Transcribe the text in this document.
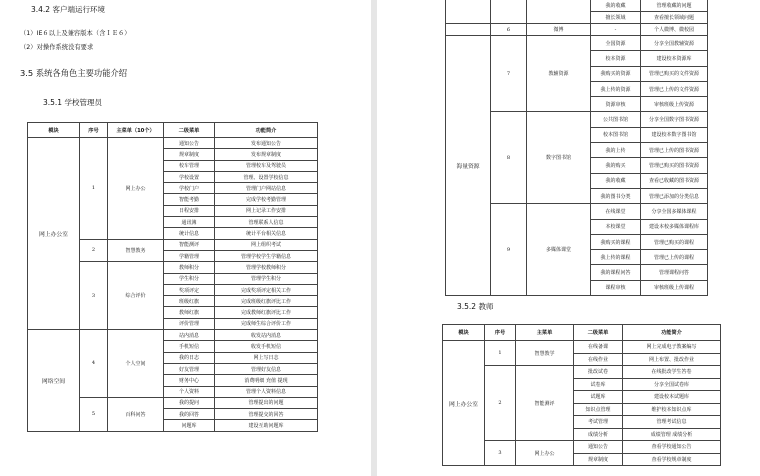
3.4.2 客户端运行环境
（1）IE６以上及兼容版本（含ＩＥ６）
（2）对操作系统没有要求
3.5 系统各角色主要功能介绍
3.5.1 学校管理员
模块	序号	主菜单（10个）	二级菜单	功能简介
网上办公室	1	网上办公	通知公告	发布通知公告
			规章制度	发布规章制度
			校车管理	管理校车及驾驶员
			学校设置	管理、设置学校信息
			学校门户	管理门户网站信息
			智能考勤	完成学校考勤管理
			日程安排	网上记录工作安排
			通讯簿	管理联系人信息
			统计信息	统计平台相关信息
	2	智慧教务	智能测评	网上组织考试
			学籍管理	管理学校学生学籍信息
	3	综合评价	教师积分	管理学校教师积分
			学生积分	管理学生积分
			奖项评定	完成奖项评定相关工作
			班级红旗	完成班级红旗评比工作
			教师红旗	完成教师红旗评比工作
			评价管理	完成师生综合评价工作
网络空间	4	个人空间	站内消息	收发站内消息
			手机短信	收发手机短信
			我的日志	网上写日志
			好友管理	管理好友信息
			财务中心	消费明细 充值 提现
			个人资料	管理个人资料信息
	5	百科问答	我的提问	管理提出的问题
			我的回答	管理提交的回答
			问题库	建设互助问题库
			我的收藏	管理收藏的问题
			擅长领域	查看擅长领域问题
	6	微博	-	个人微博、微校园
海量资源	7	教辅资源	全国资源	分享全国教辅资源
			校本资源	建设校本资源库
			我购买的资源	管理已购买的文件资源
			我上传的资源	管理已上传的文件资源
			资源审核	审核班级上传资源
	8	数字图书馆	公共图书馆	分享全国数字图书资源
			校本图书馆	建设校本数字图书馆
			我的上传	管理已上传的图书资源
			我的购买	管理已购买的图书资源
			我的收藏	查看已收藏的图书资源
			我的图书分类	管理已添加的分类信息
	9	多媒体课堂	在线课堂	分享全国多媒体课程
			本校课堂	建设本校多媒体课程库
			我购买的课程	管理已购买的课程
			我上传的课程	管理已上传的课程
			我的课程问答	管理课程问答
			课程审核	审核班级上传课程
3.5.2 教师
模块	序号	主菜单	二级菜单	功能简介
网上办公室	1	智慧教学	在线备课	网上完成电子教案编写
			在线作业	网上布置、批改作业
	2	智能测评	批改试卷	在线批改学生答卷
			试卷库	分享全国试卷库
			试题库	建设校本试题库
			知识点管理	维护校本知识点库
			考试管理	管理考试信息
			成绩分析	成绩管理 成绩分析
	3	网上办公	通知公告	查看学校通知公告
			规章制度	查看学校规章制度
